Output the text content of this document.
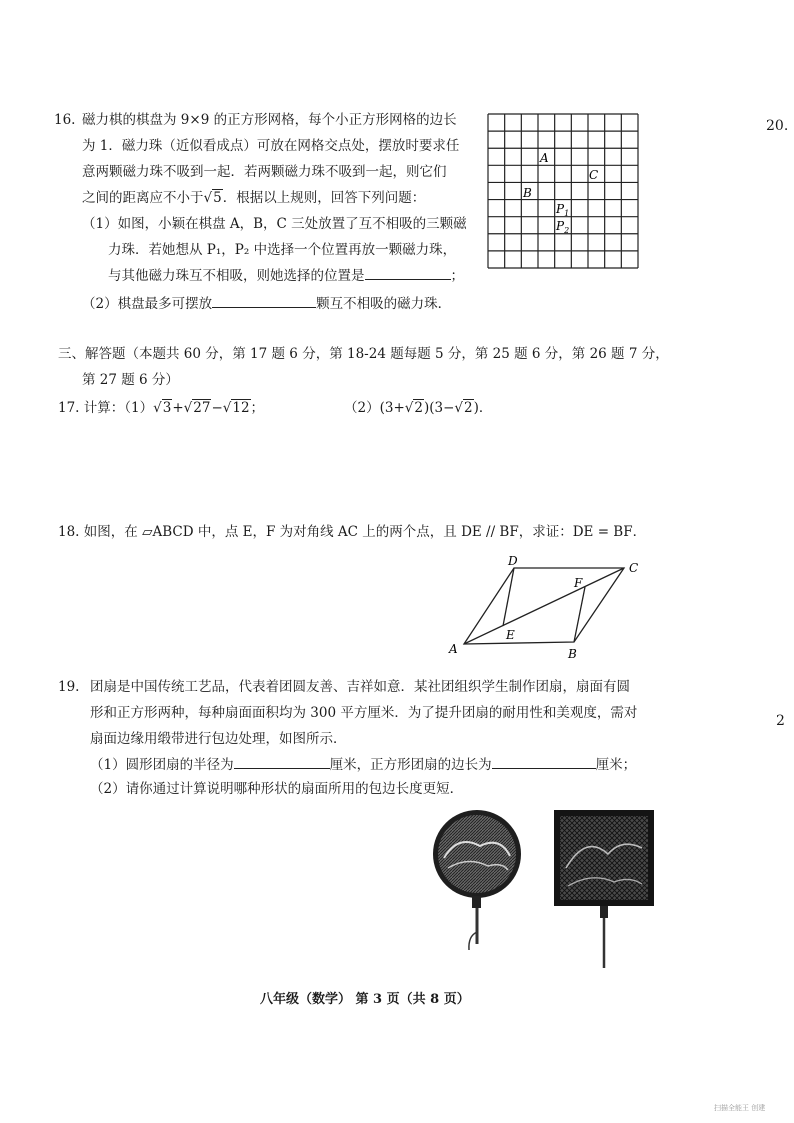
20.
2
16. 磁力棋的棋盘为 9×9 的正方形网格，每个小正方形网格的边长
为 1．磁力珠（近似看成点）可放在网格交点处，摆放时要求任
意两颗磁力珠不吸到一起．若两颗磁力珠不吸到一起，则它们
之间的距离应不小于√5．根据以上规则，回答下列问题：
（1）如图，小颖在棋盘 A，B，C 三处放置了互不相吸的三颗磁
力珠．若她想从 P₁，P₂ 中选择一个位置再放一颗磁力珠，
与其他磁力珠互不相吸，则她选择的位置是	；
（2）棋盘最多可摆放	颗互不相吸的磁力珠．
A
C
B
$P_1$
$P_2$
三、解答题（本题共 60 分，第 17 题 6 分，第 18-24 题每题 5 分，第 25 题 6 分，第 26 题 7 分，
第 27 题 6 分）
17. 计算：（1）√3+√27−√12；	（2）(3+√2)(3−√2)．
18. 如图，在 ▱ABCD 中，点 E，F 为对角线 AC 上的两个点，且 DE // BF，求证：DE = BF．
A	B
C
D
E
F
19. 团扇是中国传统工艺品，代表着团圆友善、吉祥如意．某社团组织学生制作团扇，扇面有圆
形和正方形两种，每种扇面面积均为 300 平方厘米．为了提升团扇的耐用性和美观度，需对
扇面边缘用缎带进行包边处理，如图所示．
（1）圆形团扇的半径为	厘米，正方形团扇的边长为	厘米；
（2）请你通过计算说明哪种形状的扇面所用的包边长度更短．
八年级（数学） 第 3 页（共 8 页）
扫描全能王 创建
